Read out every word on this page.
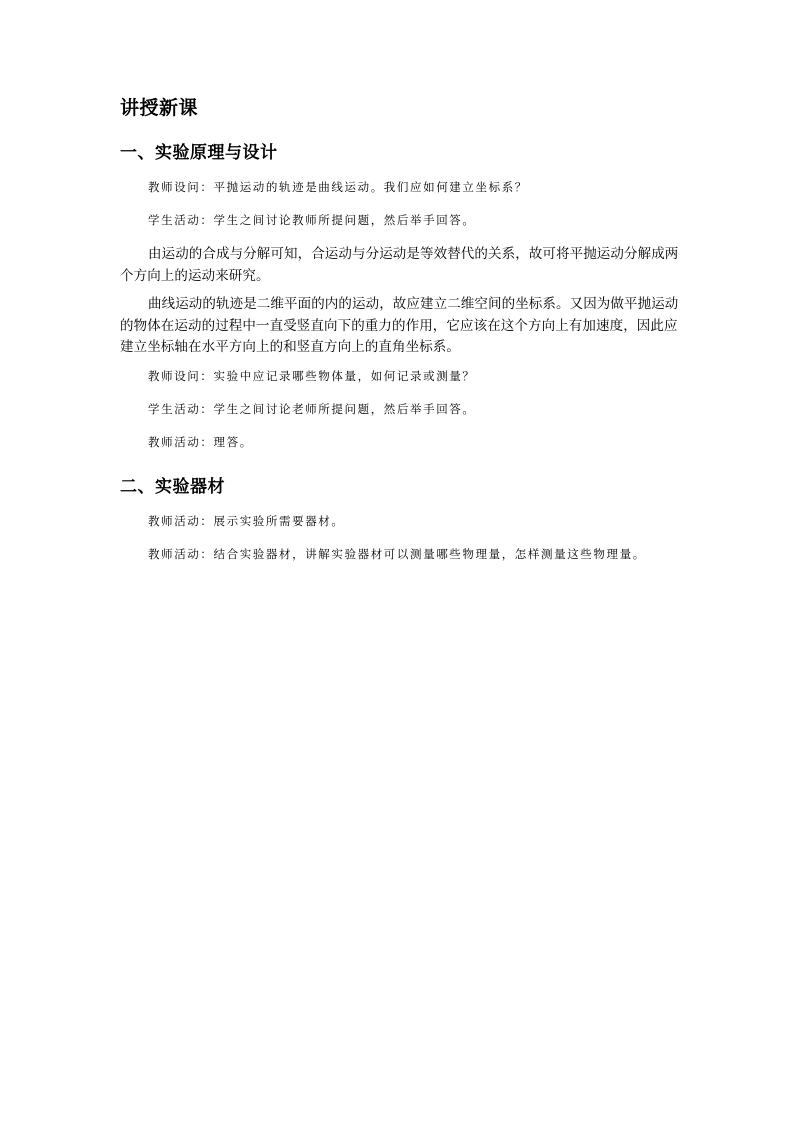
讲授新课
一、实验原理与设计

教师设问：平抛运动的轨迹是曲线运动。我们应如何建立坐标系？

学生活动：学生之间讨论教师所提问题，然后举手回答。

由运动的合成与分解可知，合运动与分运动是等效替代的关系，故可将平抛运动分解成两个方向上的运动来研究。

曲线运动的轨迹是二维平面的内的运动，故应建立二维空间的坐标系。又因为做平抛运动的物体在运动的过程中一直受竖直向下的重力的作用，它应该在这个方向上有加速度，因此应建立坐标轴在水平方向上的和竖直方向上的直角坐标系。

教师设问：实验中应记录哪些物体量，如何记录或测量？

学生活动：学生之间讨论老师所提问题，然后举手回答。

教师活动：理答。

二、实验器材

教师活动：展示实验所需要器材。

教师活动：结合实验器材，讲解实验器材可以测量哪些物理量，怎样测量这些物理量。
